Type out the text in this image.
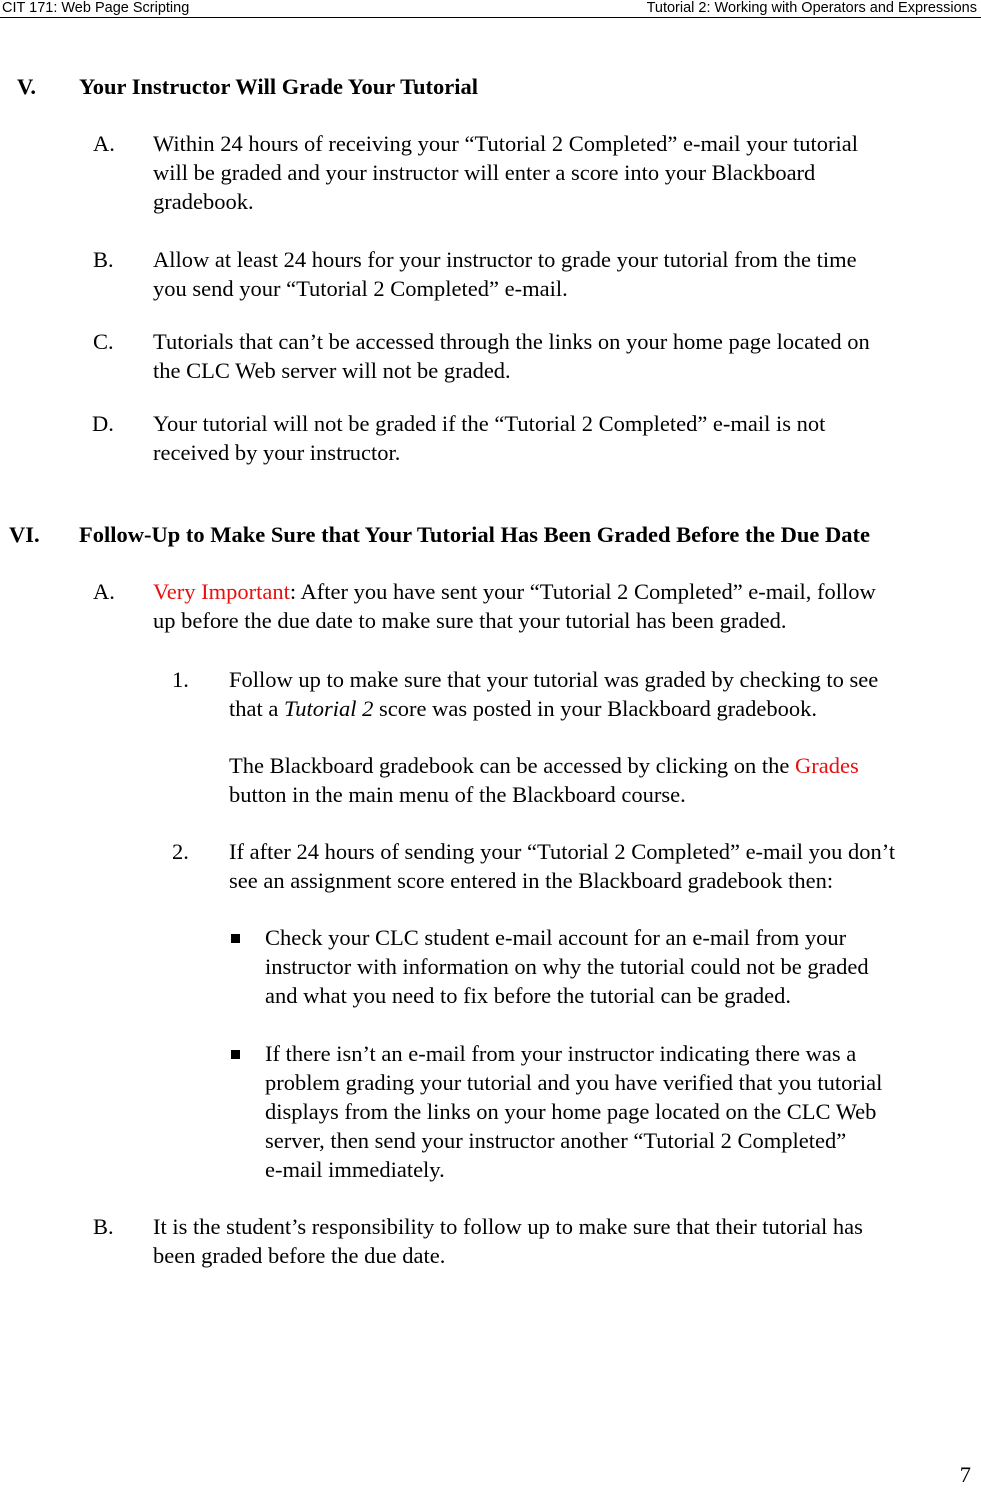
CIT 171: Web Page Scripting	Tutorial 2: Working with Operators and Expressions
V. Your Instructor Will Grade Your Tutorial
A. Within 24 hours of receiving your “Tutorial 2 Completed” e-mail your tutorial
will be graded and your instructor will enter a score into your Blackboard
gradebook.
B. Allow at least 24 hours for your instructor to grade your tutorial from the time
you send your “Tutorial 2 Completed” e-mail.
C. Tutorials that can’t be accessed through the links on your home page located on
the CLC Web server will not be graded.
D. Your tutorial will not be graded if the “Tutorial 2 Completed” e-mail is not
received by your instructor.
VI. Follow-Up to Make Sure that Your Tutorial Has Been Graded Before the Due Date
A. Very Important: After you have sent your “Tutorial 2 Completed” e-mail, follow
up before the due date to make sure that your tutorial has been graded.
1. Follow up to make sure that your tutorial was graded by checking to see
that a Tutorial 2 score was posted in your Blackboard gradebook.
The Blackboard gradebook can be accessed by clicking on the Grades
button in the main menu of the Blackboard course.
2. If after 24 hours of sending your “Tutorial 2 Completed” e-mail you don’t
see an assignment score entered in the Blackboard gradebook then:
Check your CLC student e-mail account for an e-mail from your
instructor with information on why the tutorial could not be graded
and what you need to fix before the tutorial can be graded.
If there isn’t an e-mail from your instructor indicating there was a
problem grading your tutorial and you have verified that you tutorial
displays from the links on your home page located on the CLC Web
server, then send your instructor another “Tutorial 2 Completed”
e-mail immediately.
B. It is the student’s responsibility to follow up to make sure that their tutorial has
been graded before the due date.
7
